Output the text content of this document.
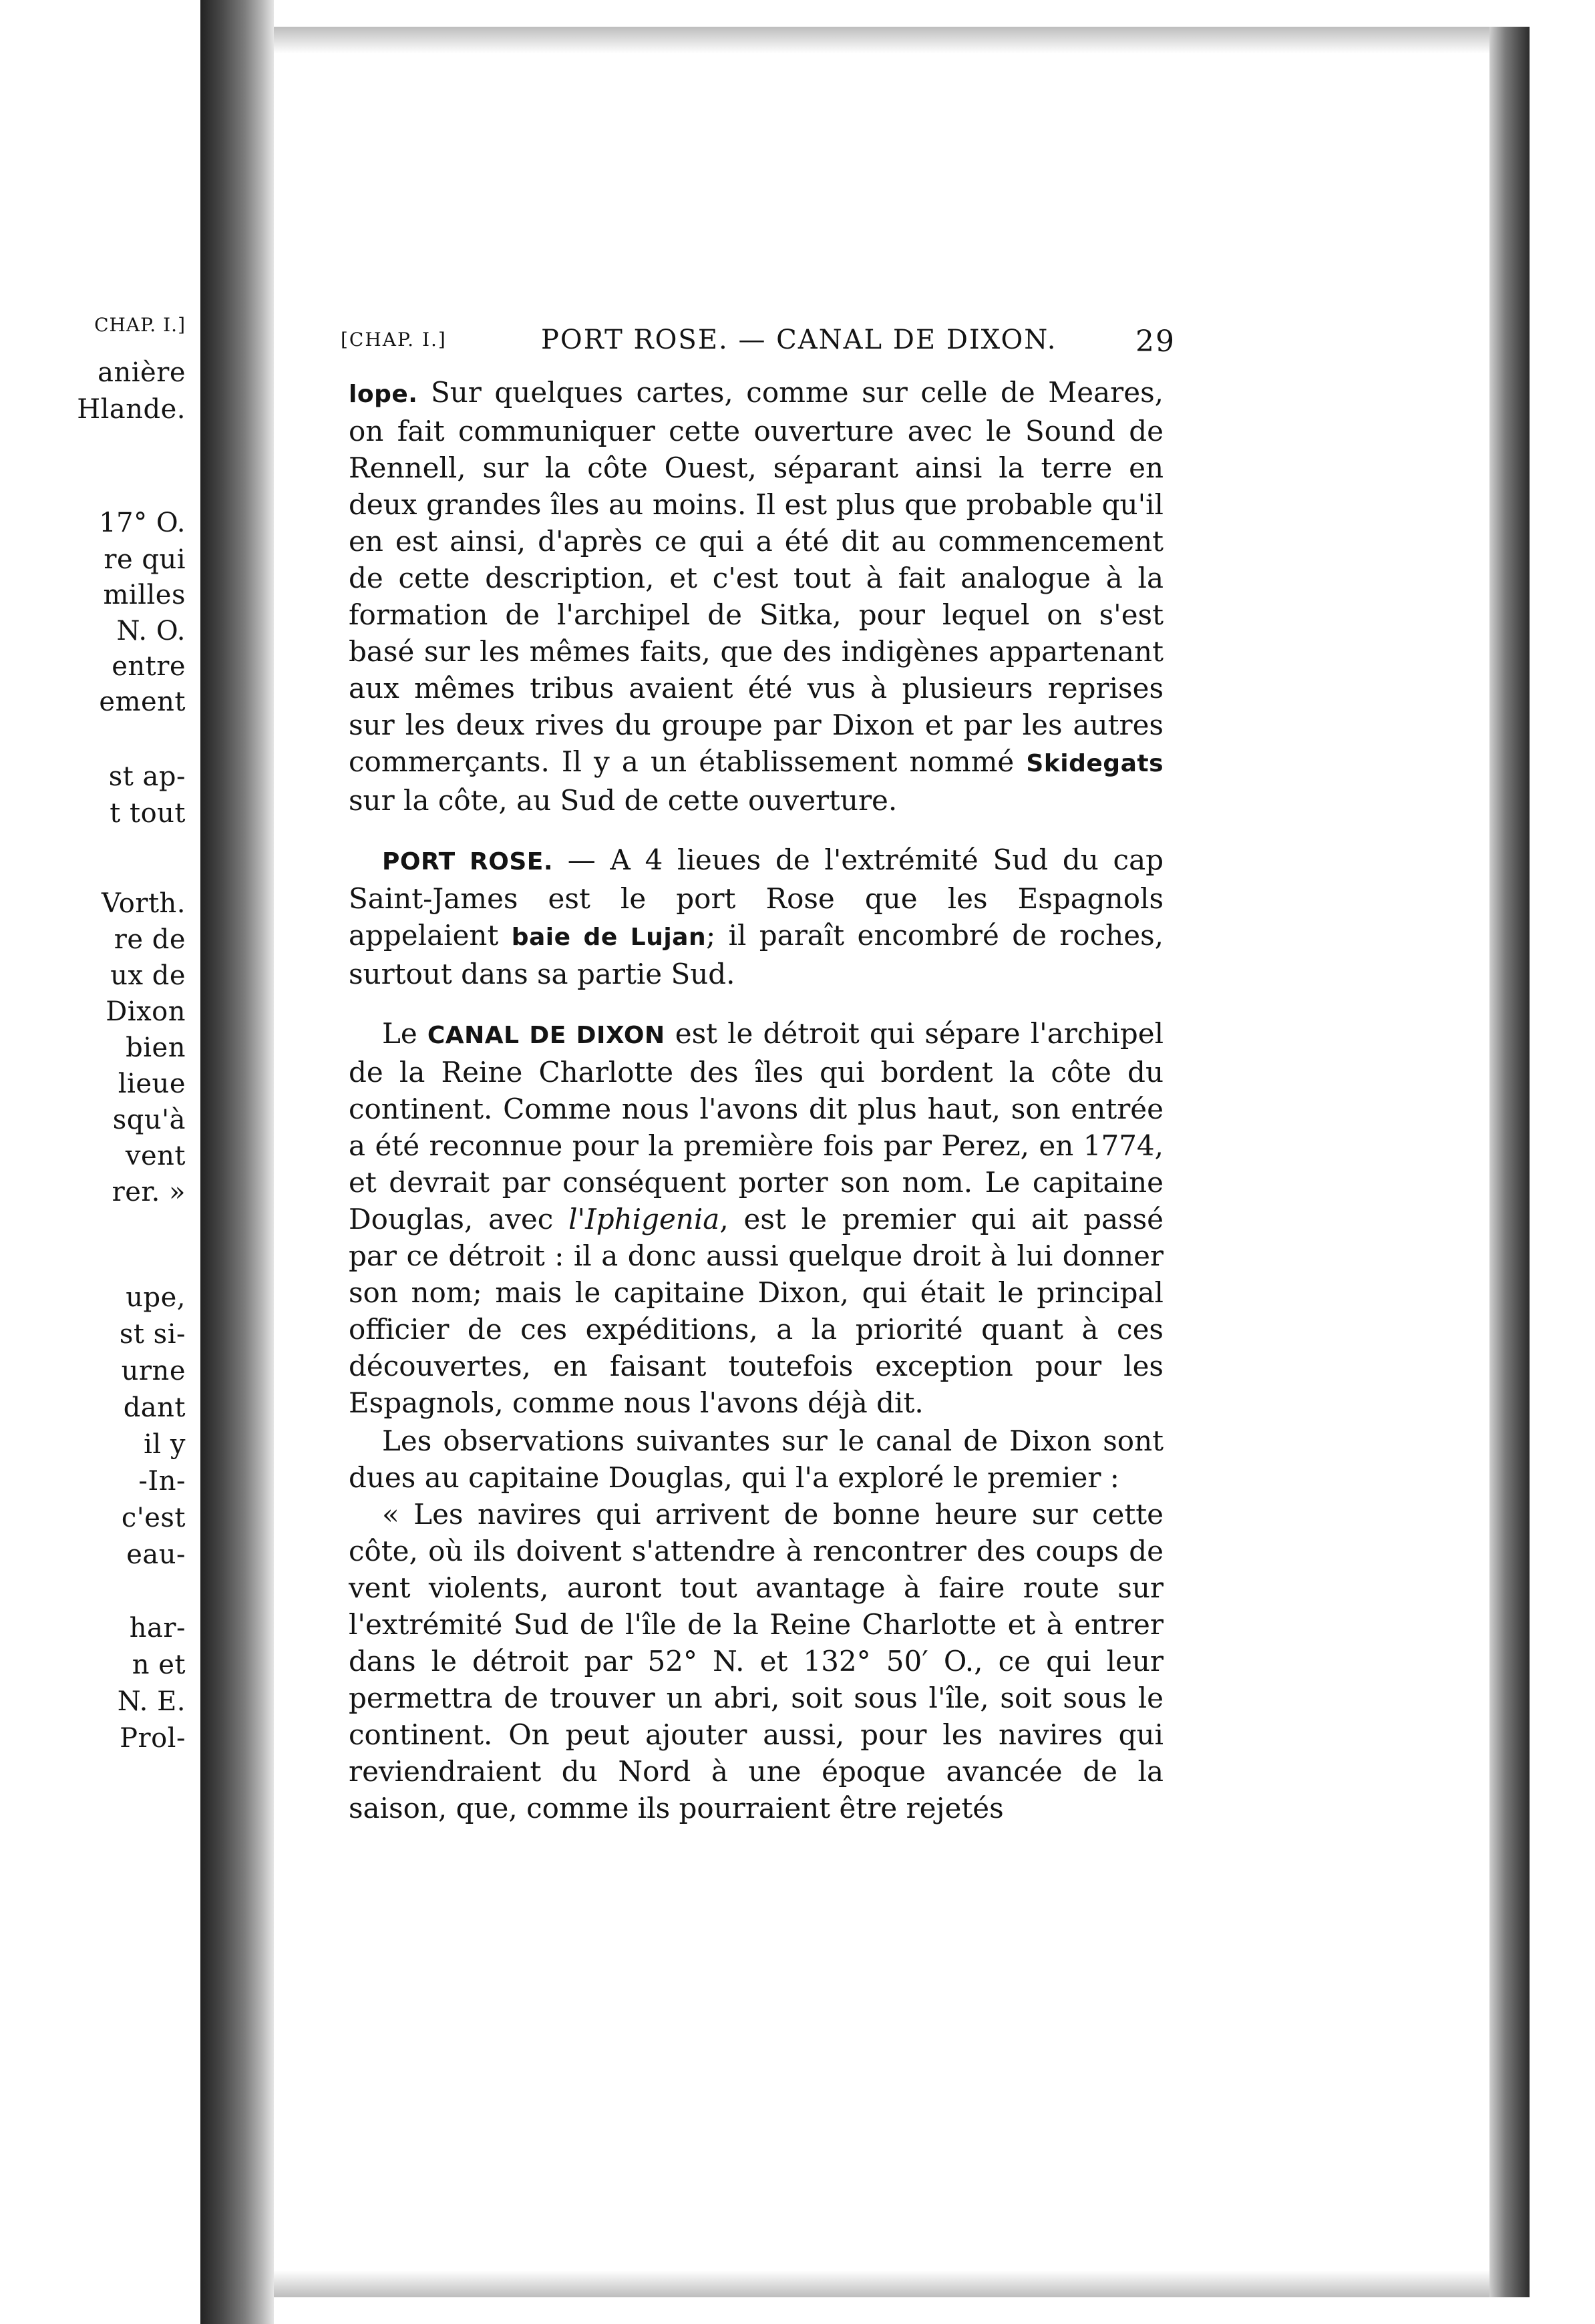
CHAP. I.]
anière
Hlande.
17° O.
re qui
milles
N. O.
entre
ement
st ap-
t tout
Vorth.
re de
ux de
Dixon
bien
lieue
squ'à
vent
rer. »
upe,
st si-
urne
dant
il y
-In-
c'est
eau-
har-
n et
N. E.
Prol-
[CHAP. I.]	PORT ROSE. — CANAL DE DIXON.	29

lope. Sur quelques cartes, comme sur celle de Meares, on fait communiquer cette ouverture avec le Sound de Rennell, sur la côte Ouest, séparant ainsi la terre en deux grandes îles au moins. Il est plus que probable qu'il en est ainsi, d'après ce qui a été dit au commencement de cette description, et c'est tout à fait analogue à la formation de l'archipel de Sitka, pour lequel on s'est basé sur les mêmes faits, que des indigènes appartenant aux mêmes tribus avaient été vus à plusieurs reprises sur les deux rives du groupe par Dixon et par les autres commerçants. Il y a un établissement nommé Skidegats sur la côte, au Sud de cette ouverture.

PORT ROSE. — A 4 lieues de l'extrémité Sud du cap Saint-James est le port Rose que les Espagnols appelaient baie de Lujan; il paraît encombré de roches, surtout dans sa partie Sud.

Le CANAL DE DIXON est le détroit qui sépare l'archipel de la Reine Charlotte des îles qui bordent la côte du continent. Comme nous l'avons dit plus haut, son entrée a été reconnue pour la première fois par Perez, en 1774, et devrait par conséquent porter son nom. Le capitaine Douglas, avec l'Iphigenia, est le premier qui ait passé par ce détroit : il a donc aussi quelque droit à lui donner son nom; mais le capitaine Dixon, qui était le principal officier de ces expéditions, a la priorité quant à ces découvertes, en faisant toutefois exception pour les Espagnols, comme nous l'avons déjà dit.

Les observations suivantes sur le canal de Dixon sont dues au capitaine Douglas, qui l'a exploré le premier :

« Les navires qui arrivent de bonne heure sur cette côte, où ils doivent s'attendre à rencontrer des coups de vent violents, auront tout avantage à faire route sur l'extrémité Sud de l'île de la Reine Charlotte et à entrer dans le détroit par 52° N. et 132° 50′ O., ce qui leur permettra de trouver un abri, soit sous l'île, soit sous le continent. On peut ajouter aussi, pour les navires qui reviendraient du Nord à une époque avancée de la saison, que, comme ils pourraient être rejetés
